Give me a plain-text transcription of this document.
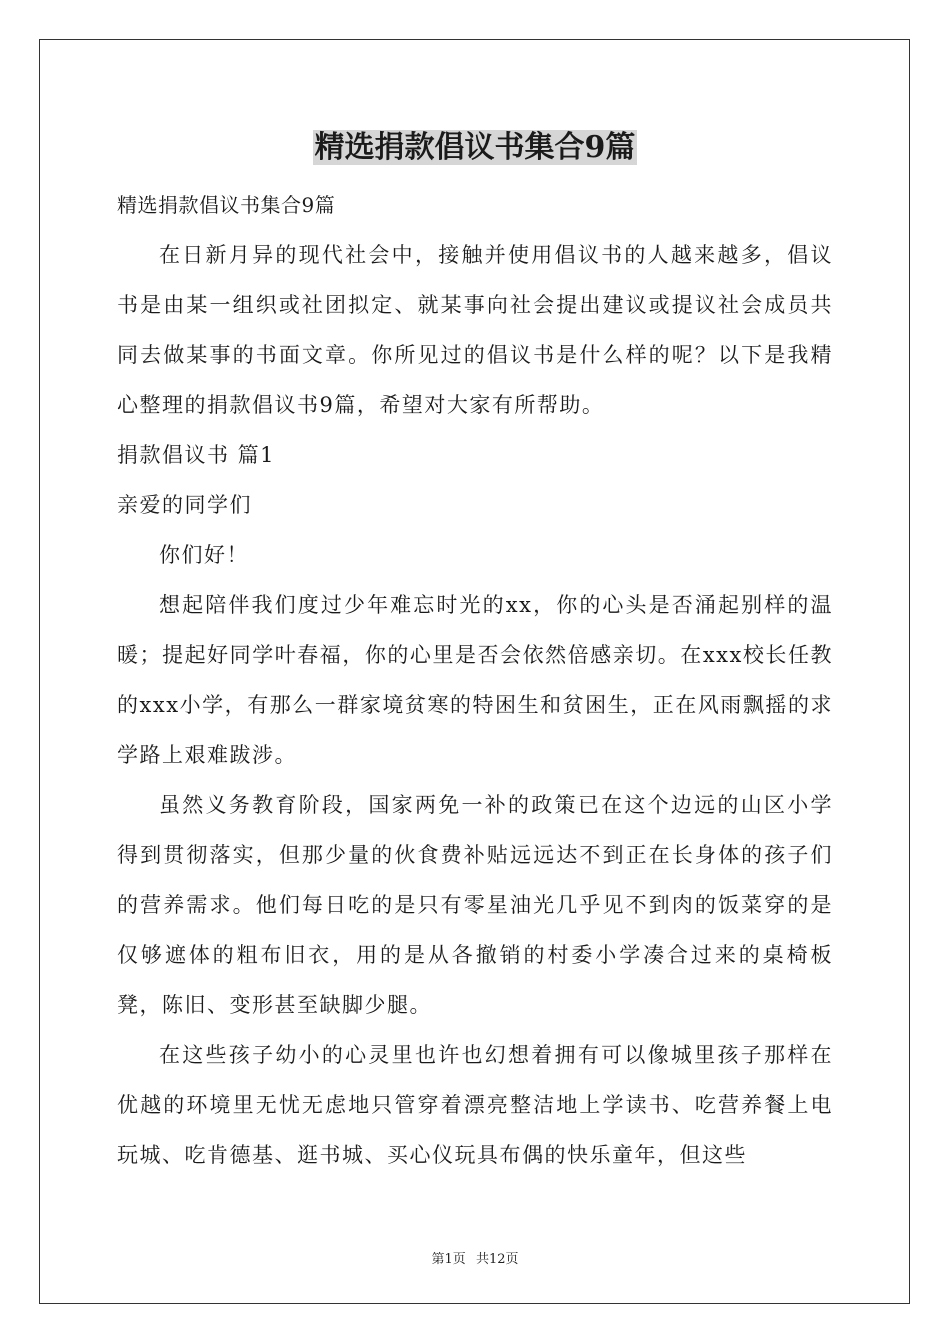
精选捐款倡议书集合9篇

精选捐款倡议书集合9篇

在日新月异的现代社会中，接触并使用倡议书的人越来越多，倡议书是由某一组织或社团拟定、就某事向社会提出建议或提议社会成员共同去做某事的书面文章。你所见过的倡议书是什么样的呢？以下是我精心整理的捐款倡议书9篇，希望对大家有所帮助。

捐款倡议书 篇1

亲爱的同学们

你们好！

想起陪伴我们度过少年难忘时光的xx，你的心头是否涌起别样的温暖；提起好同学叶春福，你的心里是否会依然倍感亲切。在xxx校长任教的xxx小学，有那么一群家境贫寒的特困生和贫困生，正在风雨飘摇的求学路上艰难跋涉。

虽然义务教育阶段，国家两免一补的政策已在这个边远的山区小学得到贯彻落实，但那少量的伙食费补贴远远达不到正在长身体的孩子们的营养需求。他们每日吃的是只有零星油光几乎见不到肉的饭菜穿的是仅够遮体的粗布旧衣，用的是从各撤销的村委小学凑合过来的桌椅板凳，陈旧、变形甚至缺脚少腿。

在这些孩子幼小的心灵里也许也幻想着拥有可以像城里孩子那样在优越的环境里无忧无虑地只管穿着漂亮整洁地上学读书、吃营养餐上电玩城、吃肯德基、逛书城、买心仪玩具布偶的快乐童年，但这些

第1页 共12页
